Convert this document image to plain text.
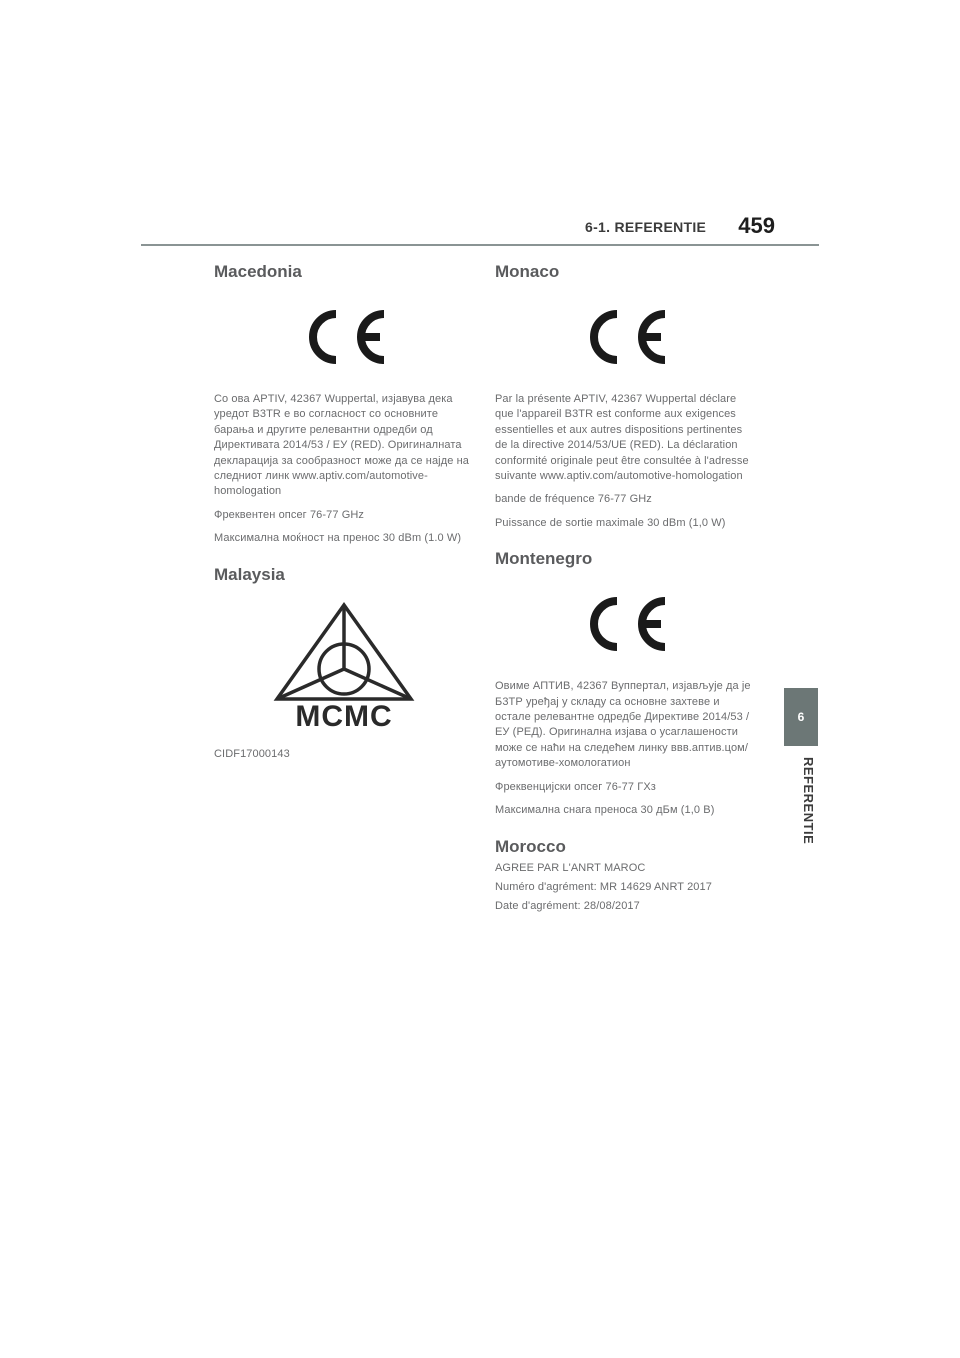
6-1. REFERENTIE 459
6
REFERENTIE
Macedonia

Со ова APTIV, 42367 Wuppertal, изјавува дека уредот B3TR е во согласност со основните барања и другите релевантни одредби од Директивата 2014/53 / ЕУ (RED). Оригиналната декларација за сообразност може да се најде на следниот линк www.aptiv.com/automotive-homologation

Фреквентен опсег 76-77 GHz

Максимална моќност на пренос 30 dBm (1.0 W)

Malaysia
MCMC

CIDF17000143

Monaco

Par la présente APTIV, 42367 Wuppertal déclare que l'appareil B3TR est conforme aux exigences essentielles et aux autres dispositions pertinentes de la directive 2014/53/UE (RED). La déclaration conformité originale peut être consultée à l'adresse suivante www.aptiv.com/automotive-homologation

bande de fréquence 76-77 GHz

Puissance de sortie maximale 30 dBm (1,0 W)

Montenegro

Овиме АПТИВ, 42367 Вуппертал, изјављује да је Б3ТР уређај у складу са основне захтеве и остале релевантне одредбе Директиве 2014/53 / ЕУ (РЕД). Оригинална изјава о усаглашености може се наћи на следећем линку ввв.аптив.цом/аутомотиве-хомологатион

Фреквенцијски опсег 76-77 ГХз

Максимална снага преноса 30 дБм (1,0 В)

Morocco

AGREE PAR L'ANRT MAROC

Numéro d'agrément: MR 14629 ANRT 2017

Date d'agrément: 28/08/2017
